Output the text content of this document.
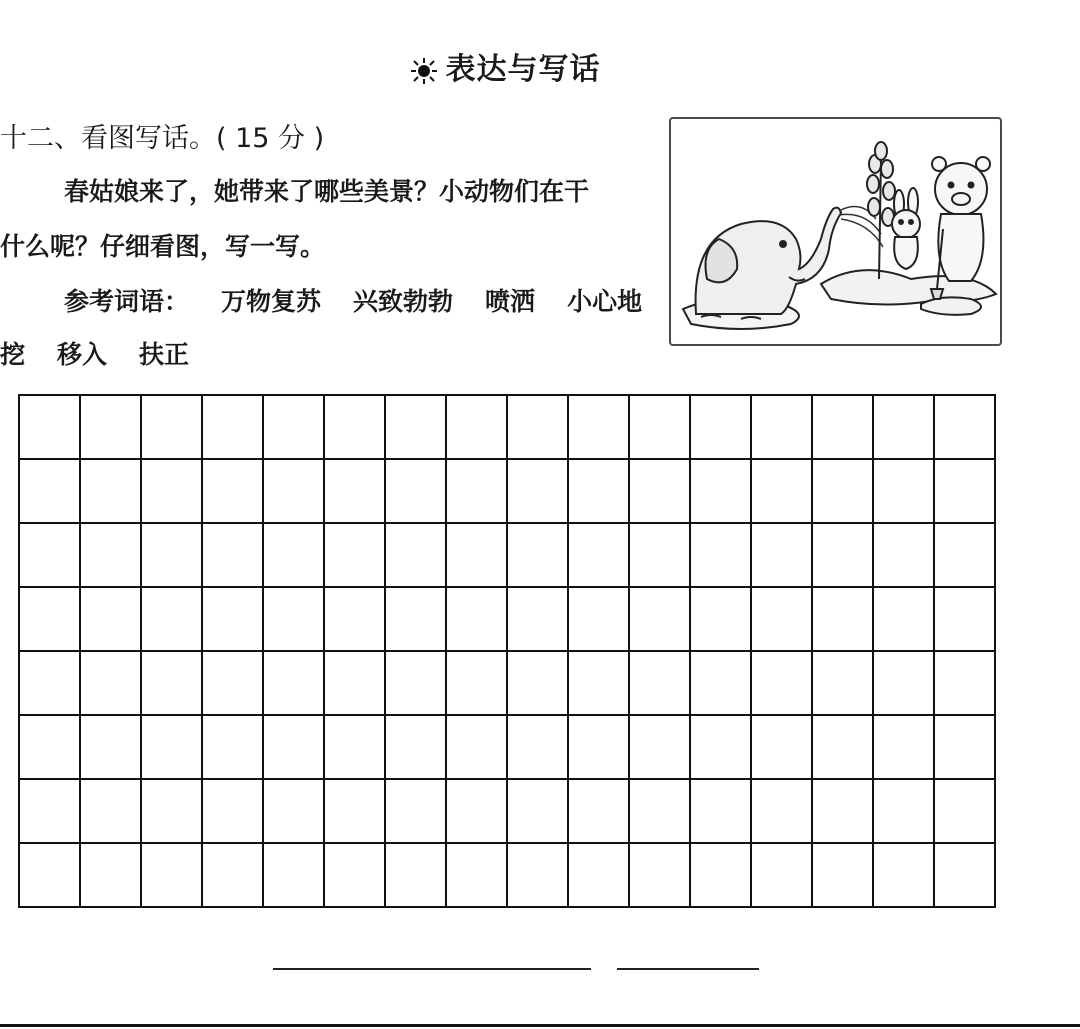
表达与写话
十二、看图写话。( 15 分 )
春姑娘来了，她带来了哪些美景？小动物们在干
什么呢？仔细看图，写一写。
参考词语： 万物复苏 兴致勃勃 喷洒 小心地
挖 移入 扶正
